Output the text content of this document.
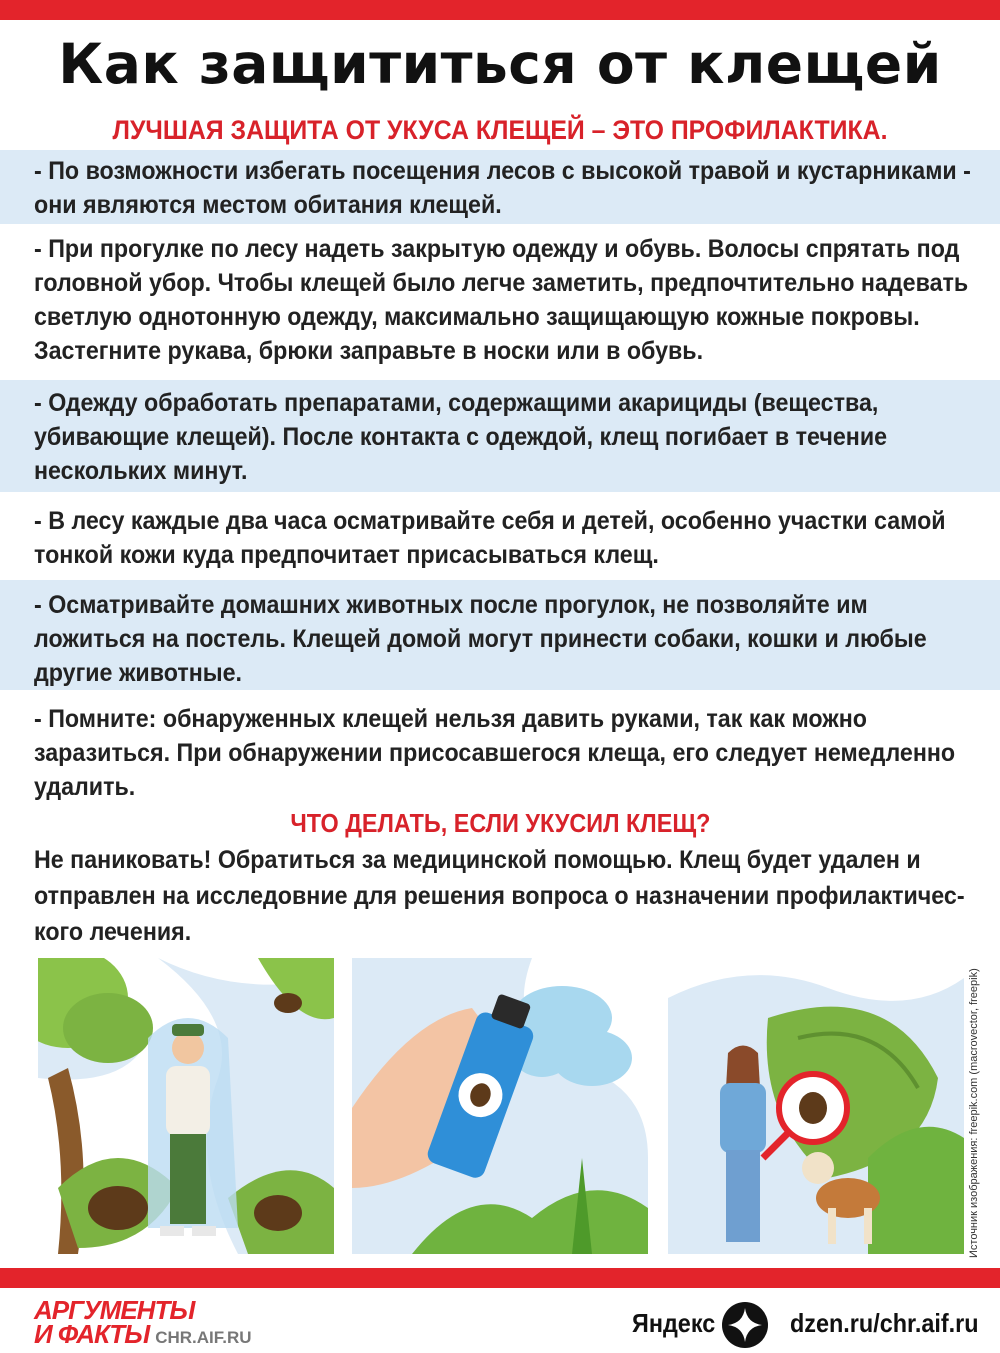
Как защититься от клещей
ЛУЧШАЯ ЗАЩИТА ОТ УКУСА КЛЕЩЕЙ – ЭТО ПРОФИЛАКТИКА.
- По возможности избегать посещения лесов с высокой травой и кустарниками -
они являются местом обитания клещей.
- При прогулке по лесу надеть закрытую одежду и обувь. Волосы спрятать под
головной убор. Чтобы клещей было легче заметить, предпочтительно надевать
светлую однотонную одежду, максимально защищающую кожные покровы.
Застегните рукава, брюки заправьте в носки или в обувь.
- Одежду обработать препаратами, содержащими акарициды (вещества,
убивающие клещей). После контакта с одеждой, клещ погибает в течение
нескольких минут.
- В лесу каждые два часа осматривайте себя и детей, особенно участки самой
тонкой кожи куда предпочитает присасываться клещ.
- Осматривайте домашних животных после прогулок, не позволяйте им
ложиться на постель. Клещей домой могут принести собаки, кошки и любые
другие животные.
- Помните: обнаруженных клещей нельзя давить руками, так как можно
заразиться. При обнаружении присосавшегося клеща, его следует немедленно
удалить.
ЧТО ДЕЛАТЬ, ЕСЛИ УКУСИЛ КЛЕЩ?
Не паниковать! Обратиться за медицинской помощью. Клещ будет удален и
отправлен на исследовние для решения вопроса о назначении профилактичес-
кого лечения.
Источник изображения: freepik.com (macrovector, freepik)
АРГУМЕНТЫ
И ФАКТЫ CHR.AIF.RU	Яндекс	dzen.ru/chr.aif.ru
